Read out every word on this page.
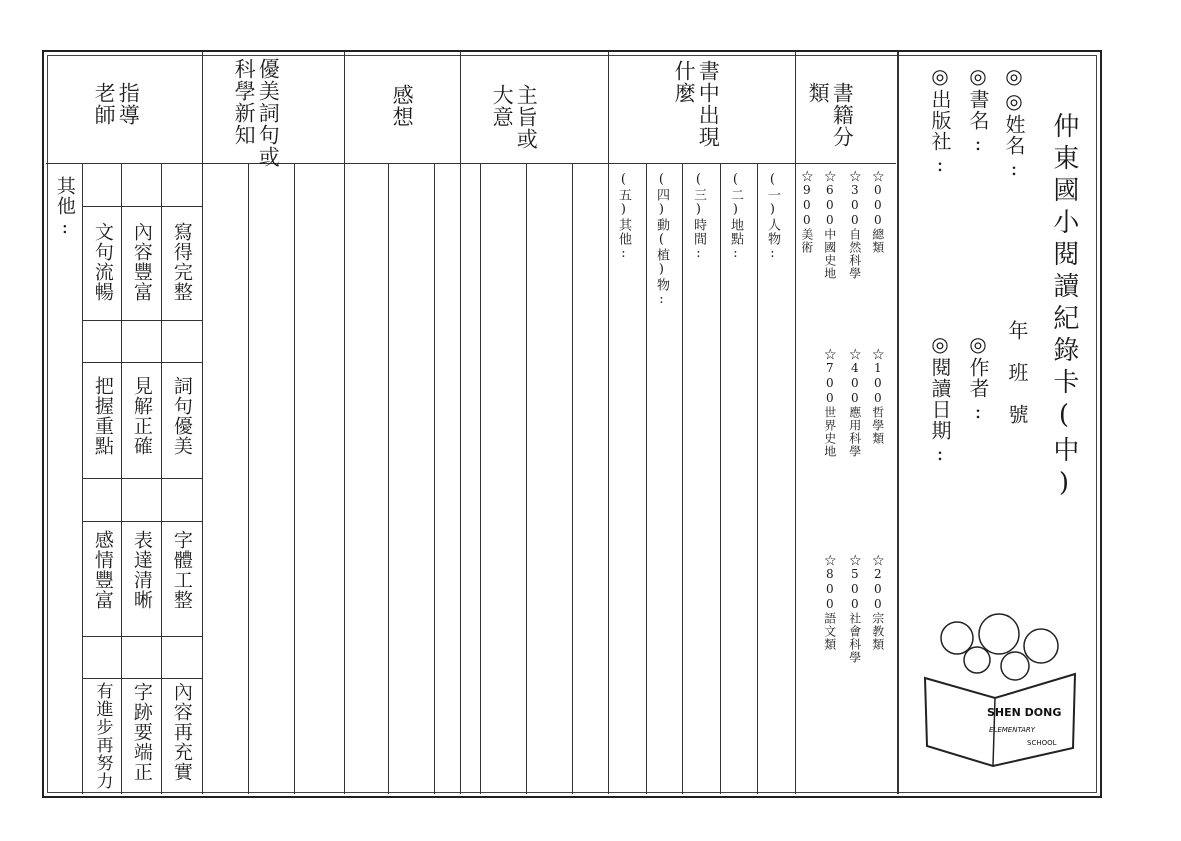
書籍分類
書中出現什麼
主旨或大意
感想
優美詞句或科學新知
指導老師
☆000總類
☆100哲學類
☆200宗教類
☆300自然科學
☆400應用科學
☆500社會科學
☆600中國史地
☆700世界史地
☆800語文類
☆900美術
(一)人物:
(二)地點:
(三)時間:
(四)動(植)物:
(五)其他:
寫得完整
詞句優美
字體工整
內容再充實
內容豐富
見解正確
表達清晰
字跡要端正
文句流暢
把握重點
感情豐富
有進步再努力
其他:	仲東國小閱讀紀錄卡(中)
◎◎姓名:
◎書名:
◎出版社:
年　班　號
◎作者:
◎閱讀日期:
SHEN DONG
ELEMENTARY
SCHOOL
